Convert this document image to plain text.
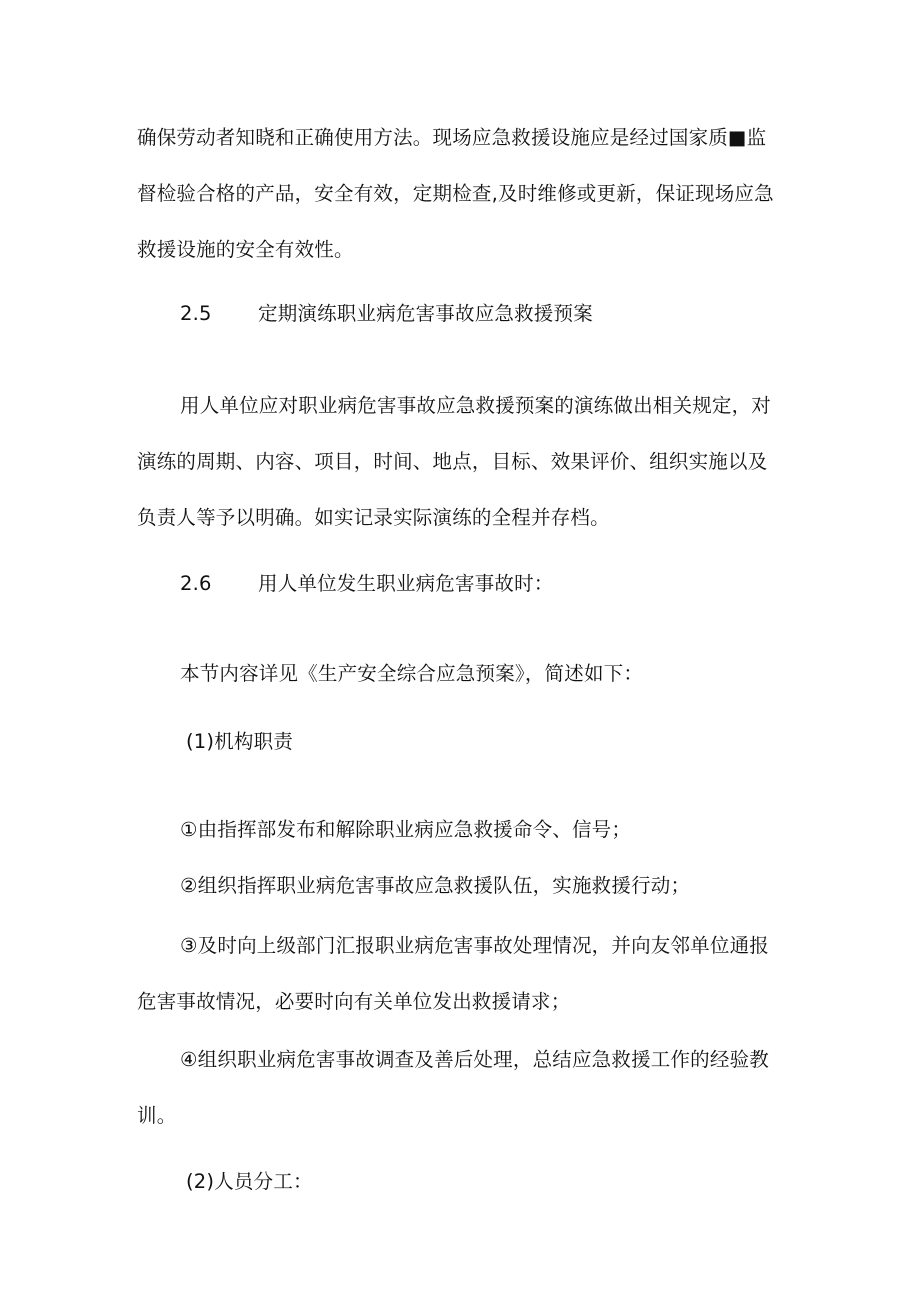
确保劳动者知晓和正确使用方法。现场应急救援设施应是经过国家质■监
督检验合格的产品，安全有效，定期检查,及时维修或更新，保证现场应急
救援设施的安全有效性。
2.5 定期演练职业病危害事故应急救援预案
用人单位应对职业病危害事故应急救援预案的演练做出相关规定，对
演练的周期、内容、项目，时间、地点，目标、效果评价、组织实施以及
负责人等予以明确。如实记录实际演练的全程并存档。
2.6 用人单位发生职业病危害事故时：
本节内容详见《生产安全综合应急预案》，简述如下：
(1)机构职责
①由指挥部发布和解除职业病应急救援命令、信号；
②组织指挥职业病危害事故应急救援队伍，实施救援行动；
③及时向上级部门汇报职业病危害事故处理情况，并向友邻单位通报
危害事故情况，必要时向有关单位发出救援请求；
④组织职业病危害事故调查及善后处理，总结应急救援工作的经验教
训。
(2)人员分工：
